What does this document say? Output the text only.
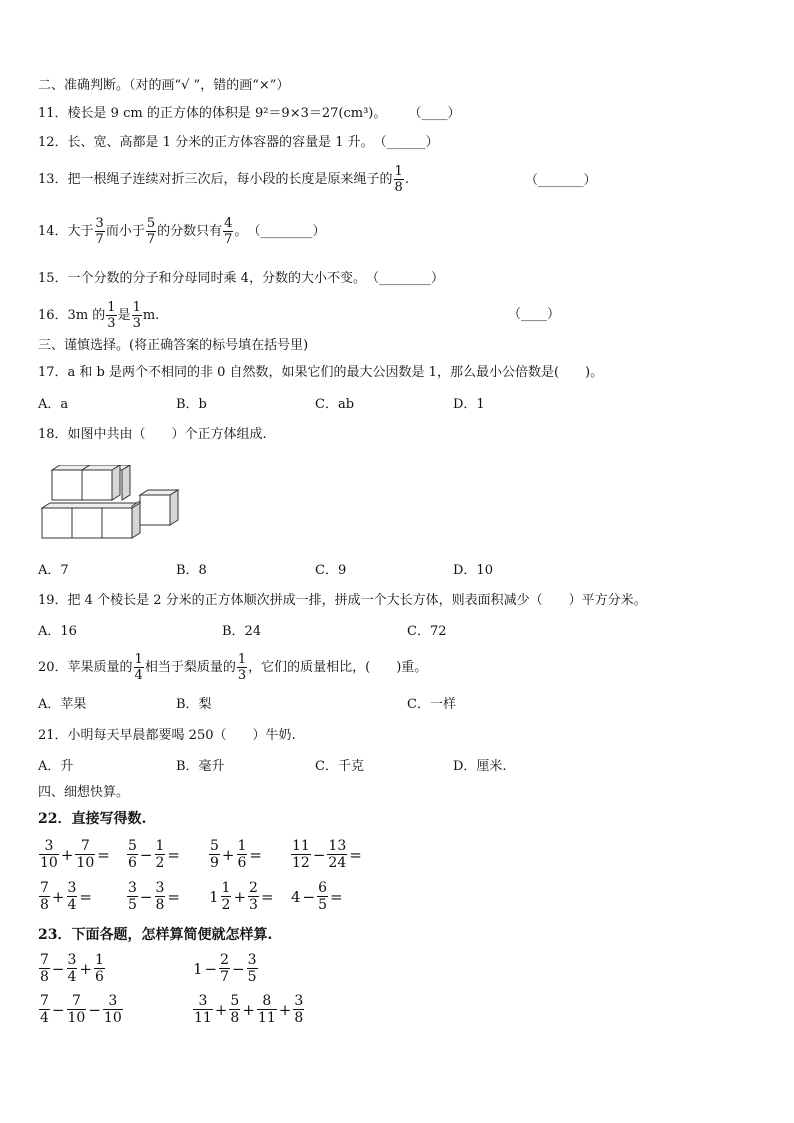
二、准确判断。（对的画“√ ”，错的画“×”）
11．棱长是 9 cm 的正方体的体积是 9²＝9×3＝27(cm³)。 （____）
12．长、宽、高都是 1 分米的正方体容器的容量是 1 升。（______）
13．把一根绳子连续对折三次后，每小段的长度是原来绳子的 $\frac{1}{8}$ .	（_______）
14．大于 $\frac{3}{7}$ 而小于 $\frac{5}{7}$ 的分数只有 $\frac{4}{7}$ 。（________）
15．一个分数的分子和分母同时乘 4，分数的大小不变。（________）
16．3m 的 $\frac{1}{3}$ 是 $\frac{1}{3} m$.	（____）
三、谨慎选择。(将正确答案的标号填在括号里)
17．a 和 b 是两个不相同的非 0 自然数，如果它们的最大公因数是 1，那么最小公倍数是(　　)。
A．a	B．b	C．ab	D．1
18．如图中共由（　　）个正方体组成.
A．7	B．8	C．9	D．10
19．把 4 个棱长是 2 分米的正方体顺次拼成一排，拼成一个大长方体，则表面积减少（　　）平方分米。
A．16	B．24	C．72
20．苹果质量的 $\frac{1}{4}$ 相当于梨质量的 $\frac{1}{3}$ ，它们的质量相比，(　　)重。
A．苹果	B．梨	C．一样
21．小明每天早晨都要喝 250（　　）牛奶.
A．升	B．毫升	C．千克	D．厘米.
四、细想快算。
22．直接写得数.
$\frac{3}{10} + \frac{7}{10} = \frac{5}{6} - \frac{1}{2} = \frac{5}{9} + \frac{1}{6} = \frac{11}{12} - \frac{13}{24}$ =
$\frac{7}{8} + \frac{3}{4}$ =	$\frac{3}{5} - \frac{3}{8} = 1 \frac{1}{2} + \frac{2}{3} = 4 - \frac{6}{5}$ =
23．下面各题，怎样算简便就怎样算.
$\frac{7}{8} - \frac{3}{4} + \frac{1}{6}$	$1 - \frac{2}{7} - \frac{3}{5}$
$\frac{7}{4} - \frac{7}{10} - \frac{3}{10}$	$\frac{3}{11} + \frac{5}{8} + \frac{8}{11} + \frac{3}{8}$
